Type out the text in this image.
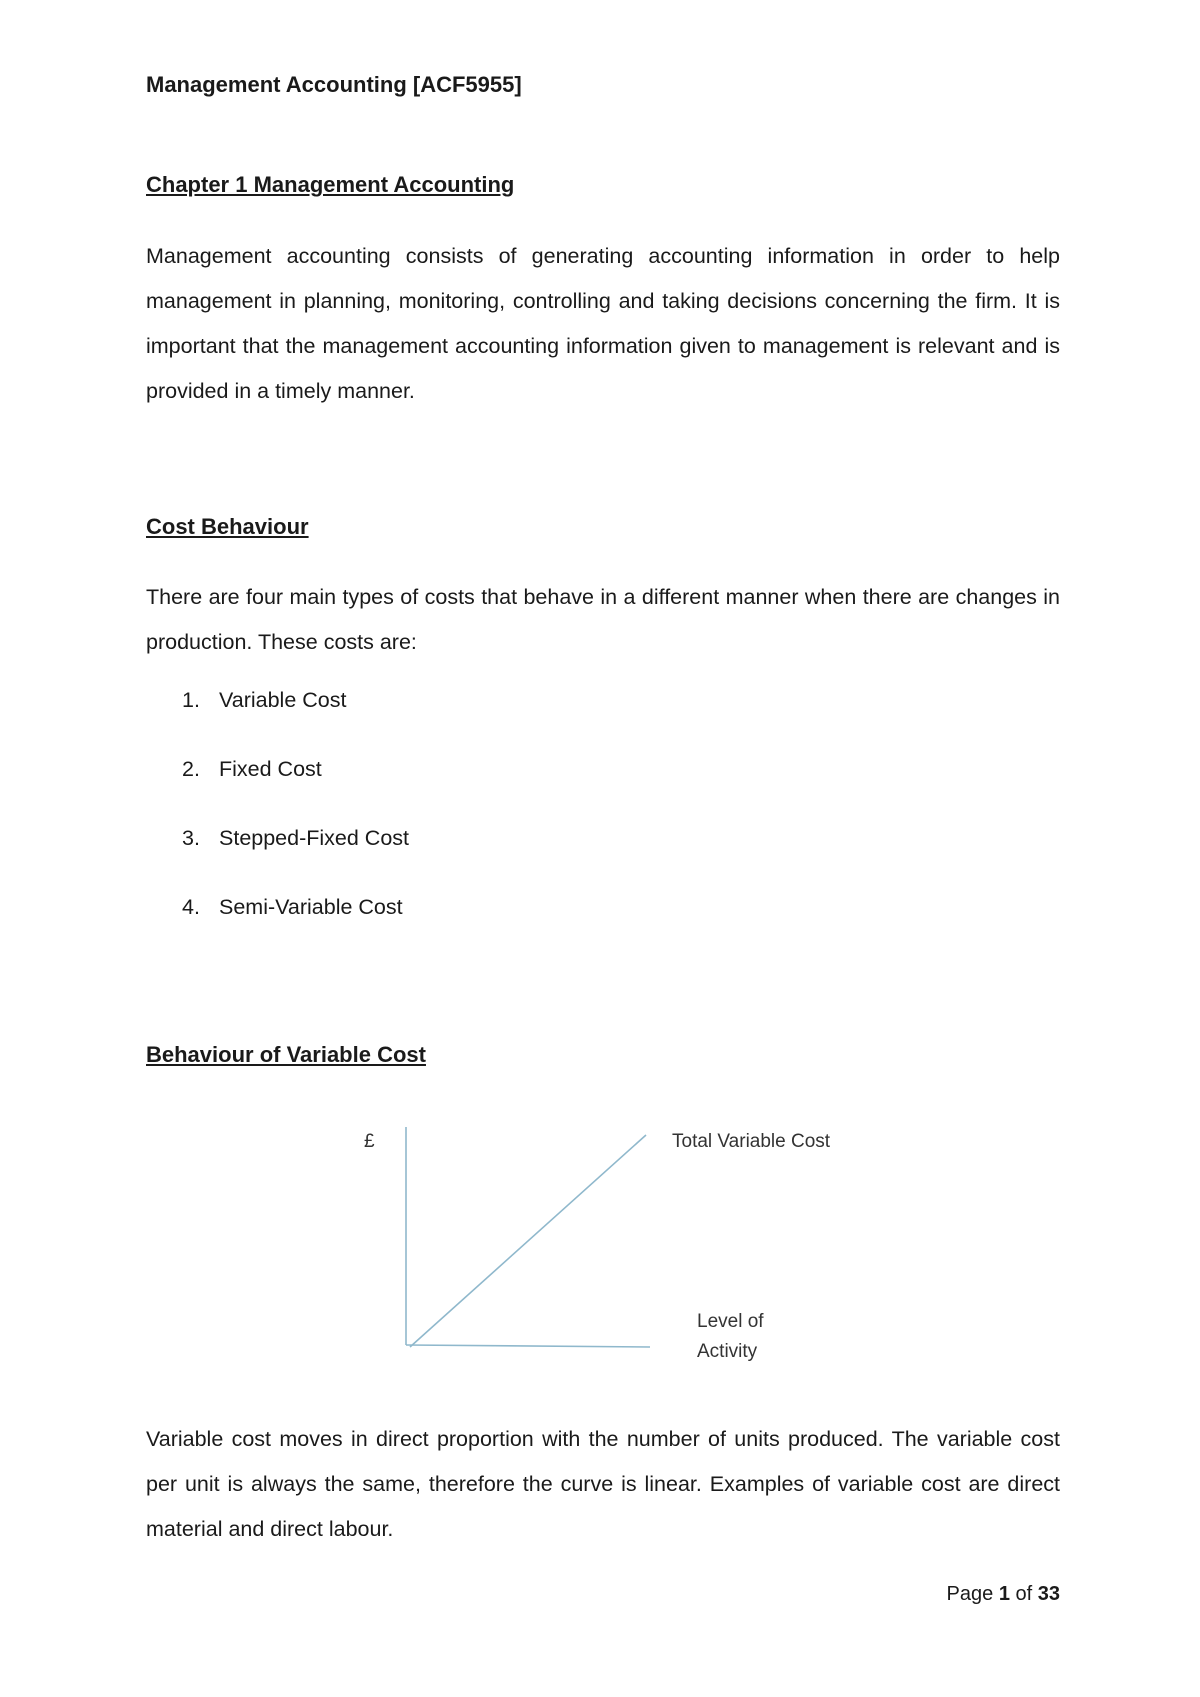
Management Accounting [ACF5955]

Chapter 1 Management Accounting

Management accounting consists of generating accounting information in order to help management in planning, monitoring, controlling and taking decisions concerning the firm. It is important that the management accounting information given to management is relevant and is provided in a timely manner.

Cost Behaviour

There are four main types of costs that behave in a different manner when there are changes in production. These costs are:

1. Variable Cost
2. Fixed Cost
3. Stepped-Fixed Cost
4. Semi-Variable Cost

Behaviour of Variable Cost

£	Total Variable Cost
Level of
Activity

Variable cost moves in direct proportion with the number of units produced. The variable cost per unit is always the same, therefore the curve is linear. Examples of variable cost are direct material and direct labour.

Page 1 of 33
